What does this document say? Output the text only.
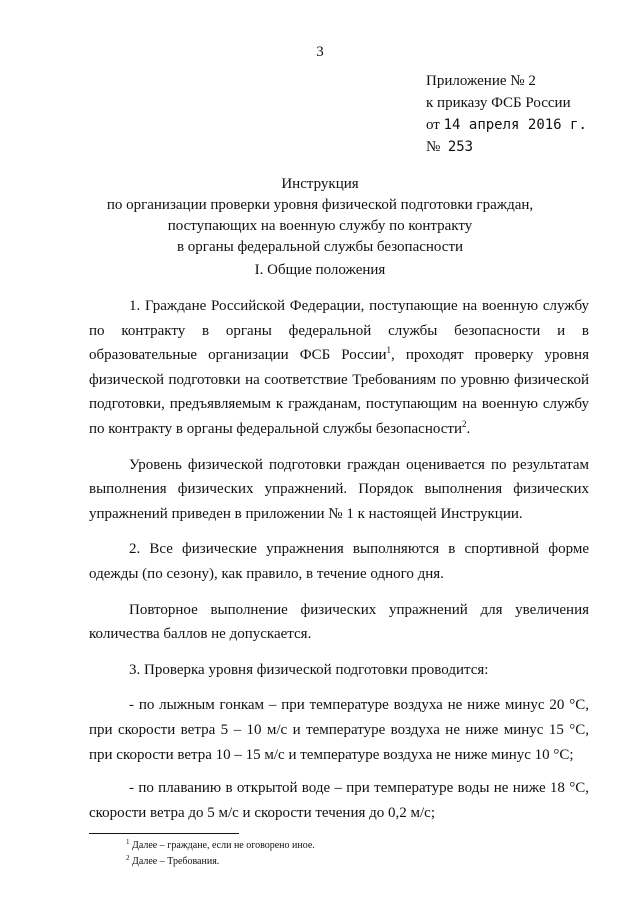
3
Приложение № 2
к приказу ФСБ России
от 14 апреля 2016 г.
№ 253
Инструкция
по организации проверки уровня физической подготовки граждан,
поступающих на военную службу по контракту
в органы федеральной службы безопасности
I. Общие положения

1. Граждане Российской Федерации, поступающие на военную службу по контракту в органы федеральной службы безопасности и в образовательные организации ФСБ России$^1$, проходят проверку уровня физической подготовки на соответствие Требованиям по уровню физической подготовки, предъявляемым к гражданам, поступающим на военную службу по контракту в органы федеральной службы безопасности$^2$.

Уровень физической подготовки граждан оценивается по результатам выполнения физических упражнений. Порядок выполнения физических упражнений приведен в приложении № 1 к настоящей Инструкции.

2. Все физические упражнения выполняются в спортивной форме одежды (по сезону), как правило, в течение одного дня.

Повторное выполнение физических упражнений для увеличения количества баллов не допускается.

3. Проверка уровня физической подготовки проводится:

- по лыжным гонкам – при температуре воздуха не ниже минус 20 °С, при скорости ветра 5 – 10 м/с и температуре воздуха не ниже минус 15 °С, при скорости ветра 10 – 15 м/с и температуре воздуха не ниже минус 10 °С;

- по плаванию в открытой воде – при температуре воды не ниже 18 °С, скорости ветра до 5 м/с и скорости течения до 0,2 м/с;

$^1$ Далее – граждане, если не оговорено иное.
$^2$ Далее – Требования.
